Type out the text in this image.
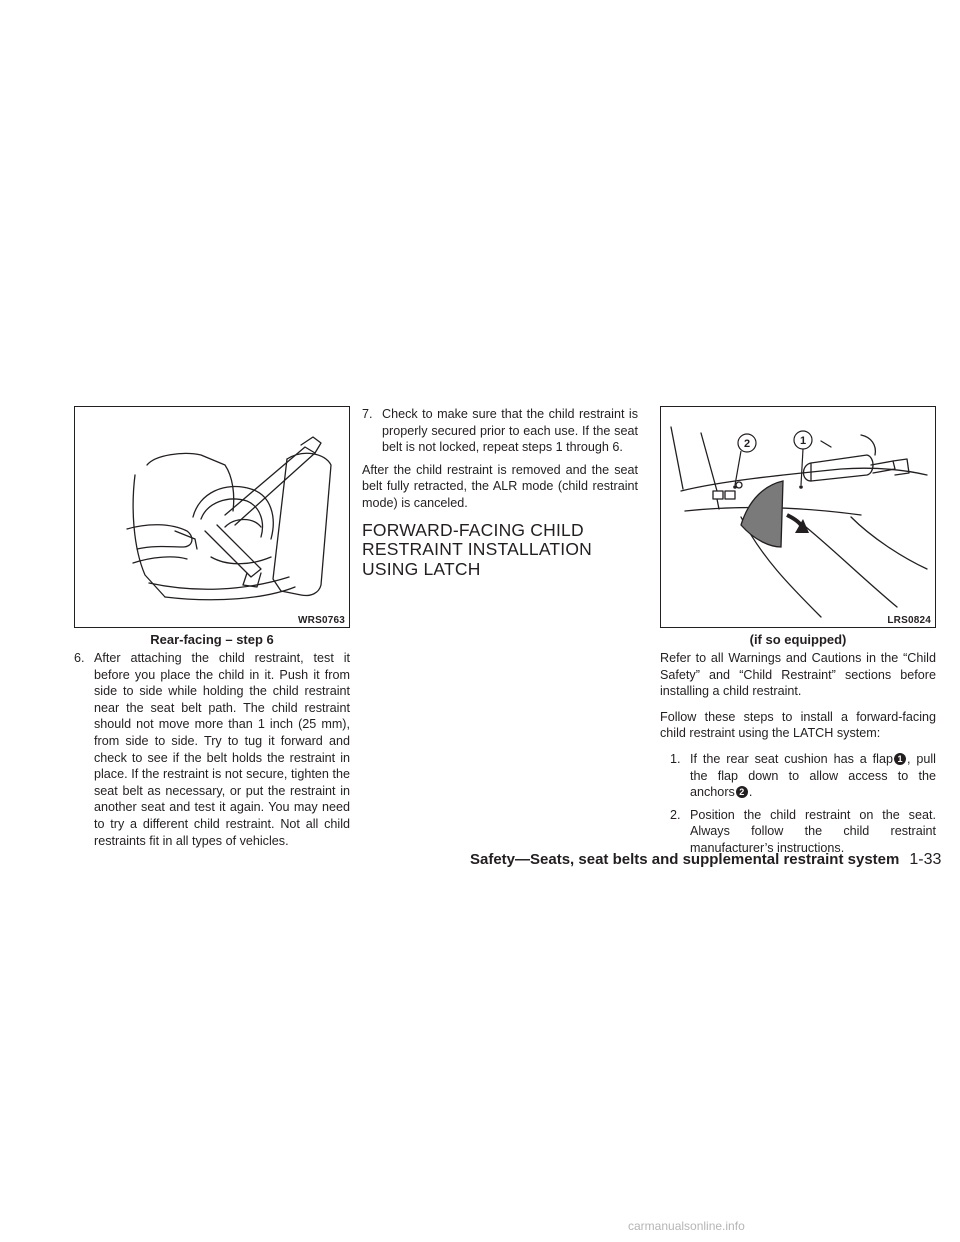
WRS0763
Rear-facing – step 6
6. After attaching the child restraint, test it before you place the child in it. Push it from side to side while holding the child restraint near the seat belt path. The child restraint should not move more than 1 inch (25 mm), from side to side. Try to tug it forward and check to see if the belt holds the restraint in place. If the restraint is not secure, tighten the seat belt as necessary, or put the restraint in another seat and test it again. You may need to try a different child restraint. Not all child restraints fit in all types of vehicles.
7. Check to make sure that the child restraint is properly secured prior to each use. If the seat belt is not locked, repeat steps 1 through 6.

After the child restraint is removed and the seat belt fully retracted, the ALR mode (child restraint mode) is canceled.

FORWARD-FACING CHILD RESTRAINT INSTALLATION USING LATCH
2	1
LRS0824
(if so equipped)

Refer to all Warnings and Cautions in the “Child Safety” and “Child Restraint” sections before installing a child restraint.

Follow these steps to install a forward-facing child restraint using the LATCH system:

1. If the rear seat cushion has a flap 1 , pull the flap down to allow access to the anchors 2 .
2. Position the child restraint on the seat. Always follow the child restraint manufacturer’s instructions.
Safety—Seats, seat belts and supplemental restraint system 1-33
carmanualsonline.info
